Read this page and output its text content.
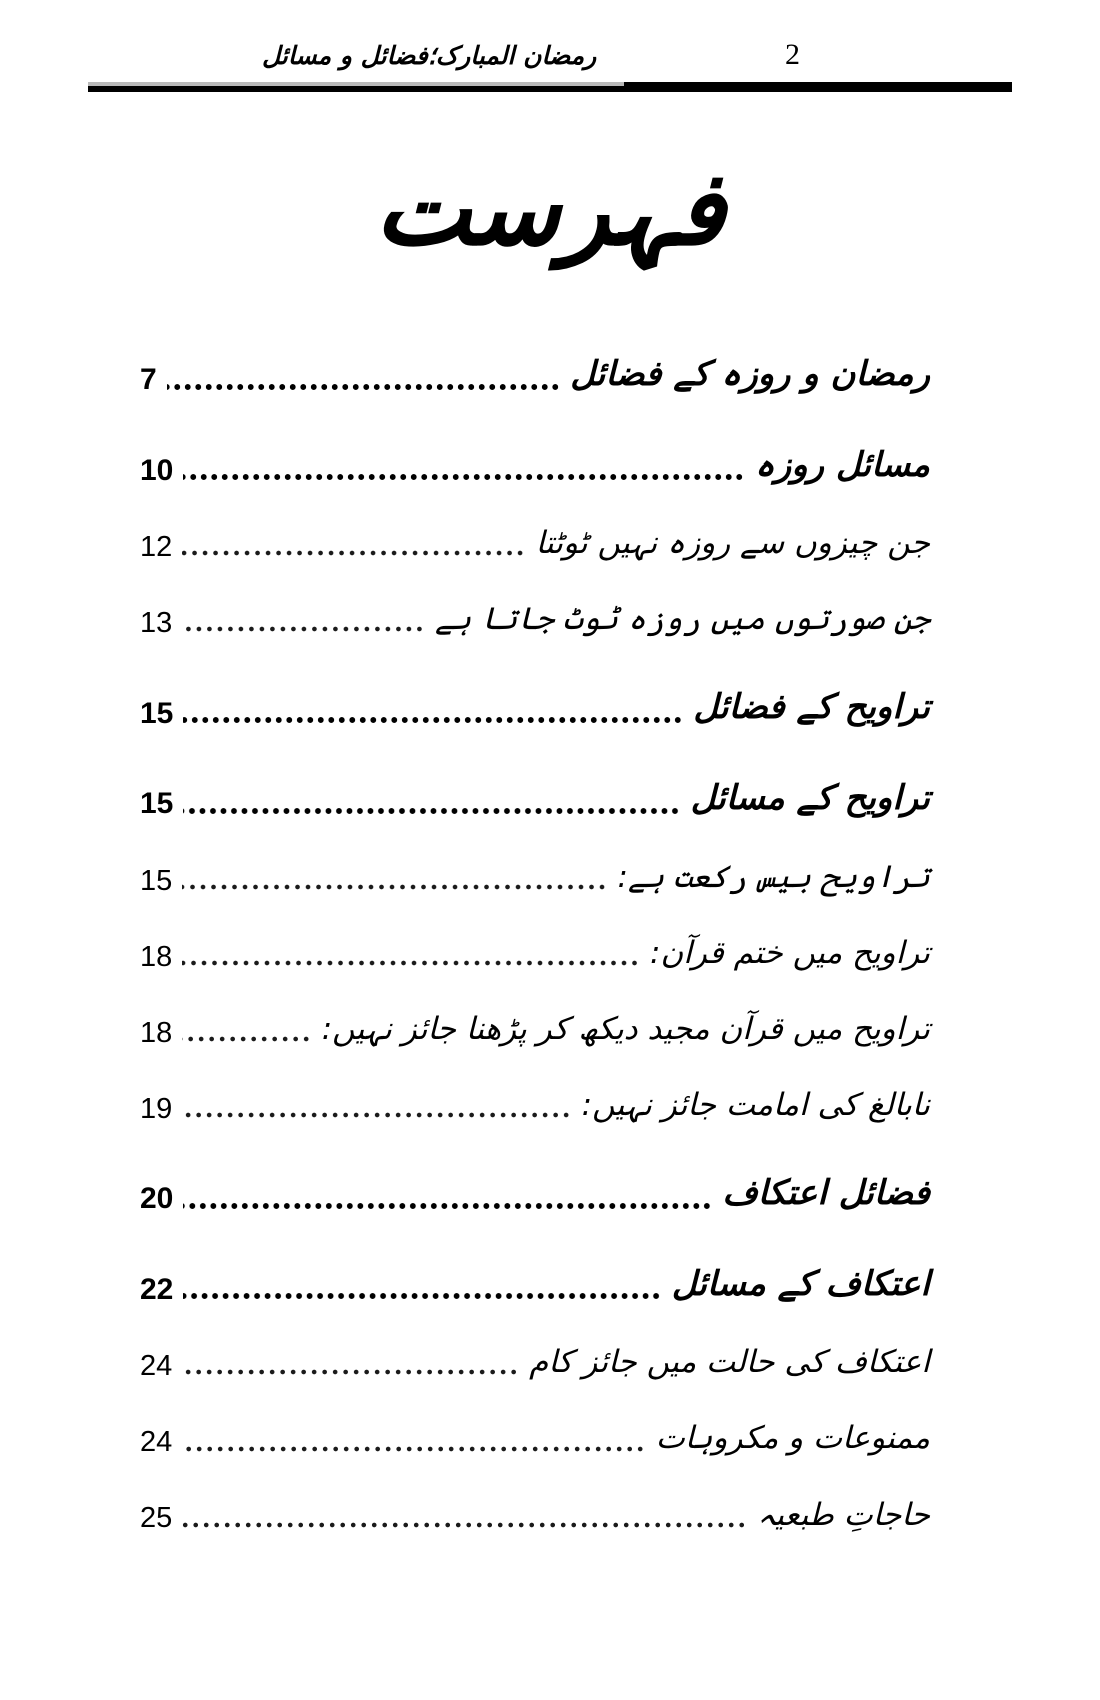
رمضان المبارک؛فضائل و مسائل	2
فہرست
رمضان و روزہ کے فضائل
7
مسائل روزہ
10
جن چیزوں سے روزہ نہیں ٹوٹتا
12
جن صورتوں میں روزہ ٹوٹ جاتا ہے
13
تراویح کے فضائل
15
تراویح کے مسائل
15
تراویح بیس رکعت ہے:
15
تراویح میں ختم قرآن:
18
تراویح میں قرآن مجید دیکھ کر پڑھنا جائز نہیں:
18
نابالغ کی امامت جائز نہیں:
19
فضائل اعتکاف
20
اعتکاف کے مسائل
22
اعتکاف کی حالت میں جائز کام
24
ممنوعات و مکروہات
24
حاجاتِ طبعیہ
25
